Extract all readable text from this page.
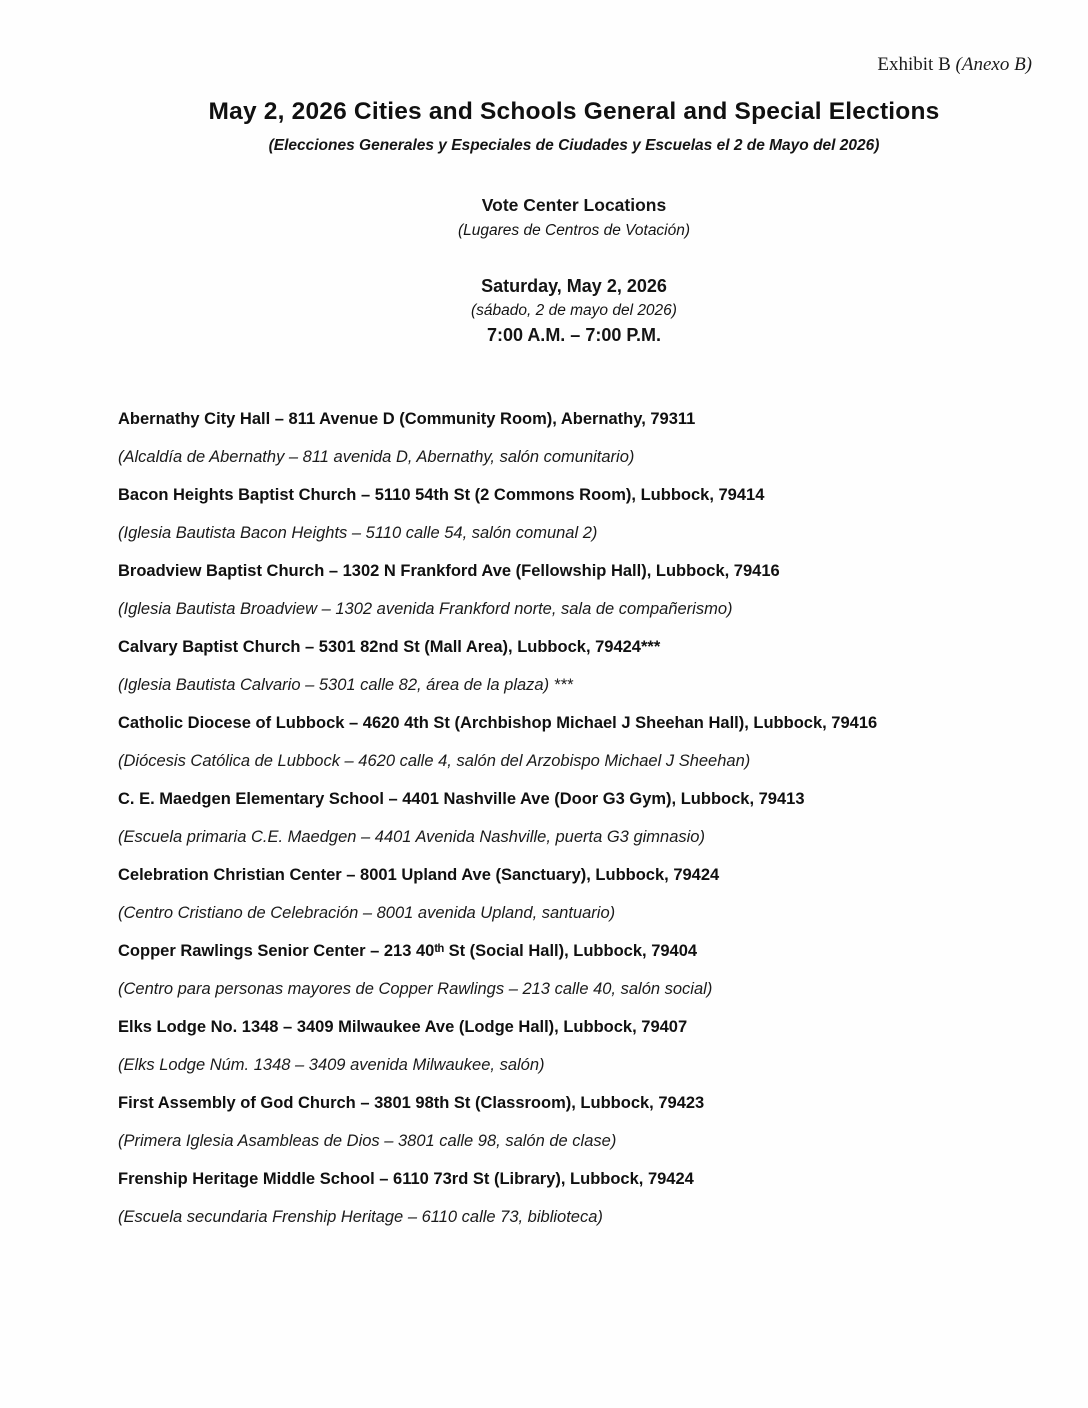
Exhibit B (Anexo B)
May 2, 2026 Cities and Schools General and Special Elections
(Elecciones Generales y Especiales de Ciudades y Escuelas el 2 de Mayo del 2026)
Vote Center Locations
(Lugares de Centros de Votación)
Saturday, May 2, 2026
(sábado, 2 de mayo del 2026)
7:00 A.M. – 7:00 P.M.

Abernathy City Hall – 811 Avenue D (Community Room), Abernathy, 79311

(Alcaldía de Abernathy – 811 avenida D, Abernathy, salón comunitario)

Bacon Heights Baptist Church – 5110 54th St (2 Commons Room), Lubbock, 79414

(Iglesia Bautista Bacon Heights – 5110 calle 54, salón comunal 2)

Broadview Baptist Church – 1302 N Frankford Ave (Fellowship Hall), Lubbock, 79416

(Iglesia Bautista Broadview – 1302 avenida Frankford norte, sala de compañerismo)

Calvary Baptist Church – 5301 82nd St (Mall Area), Lubbock, 79424***

(Iglesia Bautista Calvario – 5301 calle 82, área de la plaza) ***

Catholic Diocese of Lubbock – 4620 4th St (Archbishop Michael J Sheehan Hall), Lubbock, 79416

(Diócesis Católica de Lubbock – 4620 calle 4, salón del Arzobispo Michael J Sheehan)

C. E. Maedgen Elementary School – 4401 Nashville Ave (Door G3 Gym), Lubbock, 79413

(Escuela primaria C.E. Maedgen – 4401 Avenida Nashville, puerta G3 gimnasio)

Celebration Christian Center – 8001 Upland Ave (Sanctuary), Lubbock, 79424

(Centro Cristiano de Celebración – 8001 avenida Upland, santuario)

Copper Rawlings Senior Center – 213 40ᵗʰ St (Social Hall), Lubbock, 79404

(Centro para personas mayores de Copper Rawlings – 213 calle 40, salón social)

Elks Lodge No. 1348 – 3409 Milwaukee Ave (Lodge Hall), Lubbock, 79407

(Elks Lodge Núm. 1348 – 3409 avenida Milwaukee, salón)

First Assembly of God Church – 3801 98th St (Classroom), Lubbock, 79423

(Primera Iglesia Asambleas de Dios – 3801 calle 98, salón de clase)

Frenship Heritage Middle School – 6110 73rd St (Library), Lubbock, 79424

(Escuela secundaria Frenship Heritage – 6110 calle 73, biblioteca)
